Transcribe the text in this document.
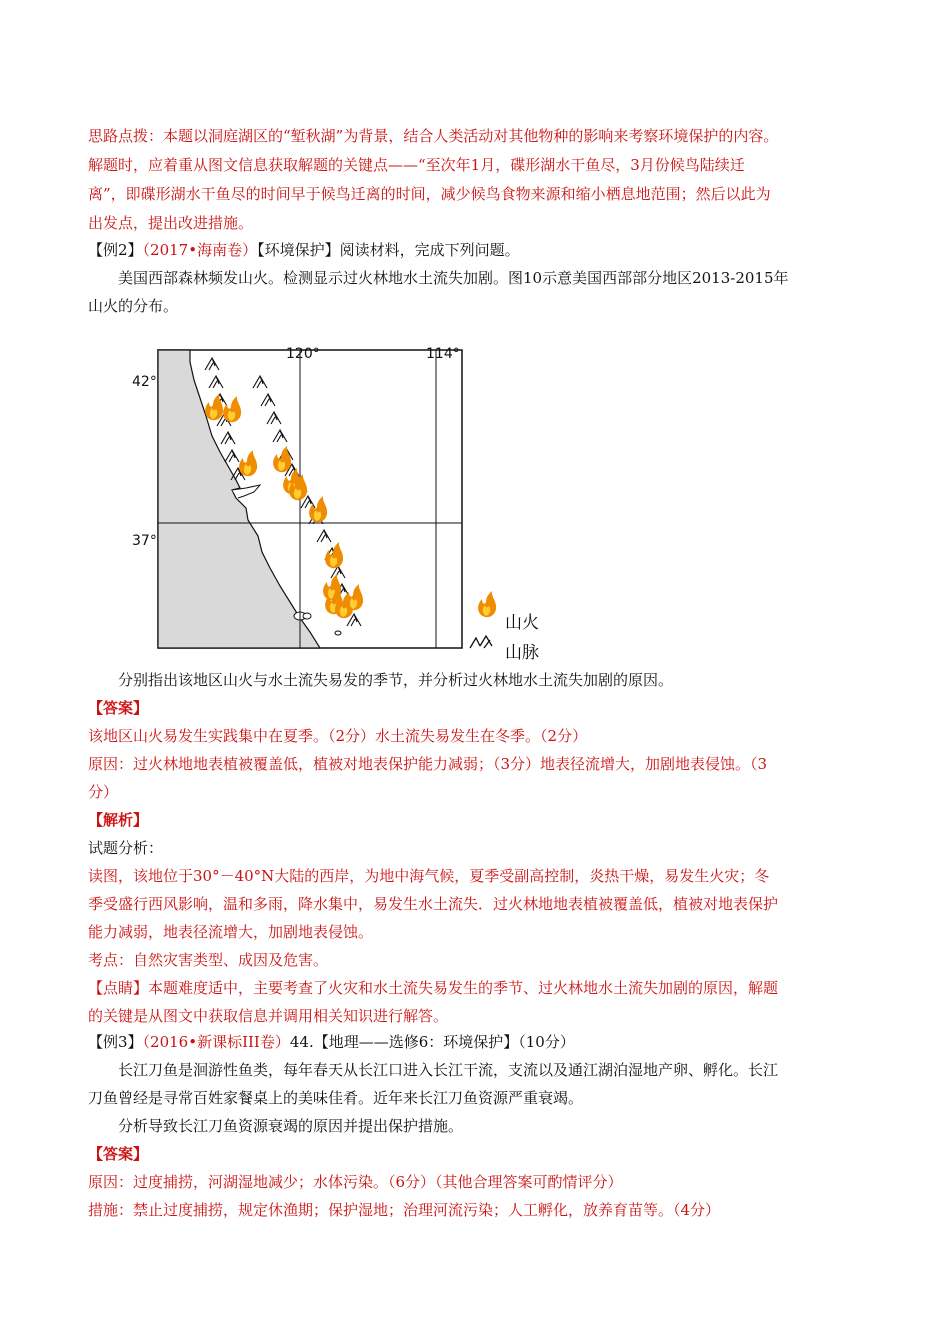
思路点拨：本题以洞庭湖区的“堑秋湖”为背景，结合人类活动对其他物种的影响来考察环境保护的内容。
解题时，应着重从图文信息获取解题的关键点——“至次年1月，碟形湖水干鱼尽，3月份候鸟陆续迁
离”，即碟形湖水干鱼尽的时间早于候鸟迁离的时间，减少候鸟食物来源和缩小栖息地范围；然后以此为
出发点，提出改进措施。
【例2】（2017•海南卷）【环境保护】阅读材料，完成下列问题。
美国西部森林频发山火。检测显示过火林地水土流失加剧。图10示意美国西部部分地区2013-2015年
山火的分布。
120°	114°
42°
37°
山火
山脉
分别指出该地区山火与水土流失易发的季节，并分析过火林地水土流失加剧的原因。
【答案】
该地区山火易发生实践集中在夏季。（2分）水土流失易发生在冬季。（2分）
原因：过火林地地表植被覆盖低，植被对地表保护能力减弱；（3分）地表径流增大，加剧地表侵蚀。（3
分）
【解析】
试题分析：
读图，该地位于30°－40°N大陆的西岸，为地中海气候，夏季受副高控制，炎热干燥，易发生火灾；冬
季受盛行西风影响，温和多雨，降水集中，易发生水土流失．过火林地地表植被覆盖低，植被对地表保护
能力减弱，地表径流增大，加剧地表侵蚀。
考点：自然灾害类型、成因及危害。
【点睛】本题难度适中，主要考查了火灾和水土流失易发生的季节、过火林地水土流失加剧的原因，解题
的关键是从图文中获取信息并调用相关知识进行解答。
【例3】（2016•新课标III卷）44.【地理——选修6：环境保护】（10分）
长江刀鱼是洄游性鱼类，每年春天从长江口进入长江干流，支流以及通江湖泊湿地产卵、孵化。长江
刀鱼曾经是寻常百姓家餐桌上的美味佳肴。近年来长江刀鱼资源严重衰竭。
分析导致长江刀鱼资源衰竭的原因并提出保护措施。
【答案】
原因：过度捕捞，河湖湿地减少；水体污染。（6分）（其他合理答案可酌情评分）
措施：禁止过度捕捞，规定休渔期；保护湿地；治理河流污染；人工孵化，放养育苗等。（4分）
